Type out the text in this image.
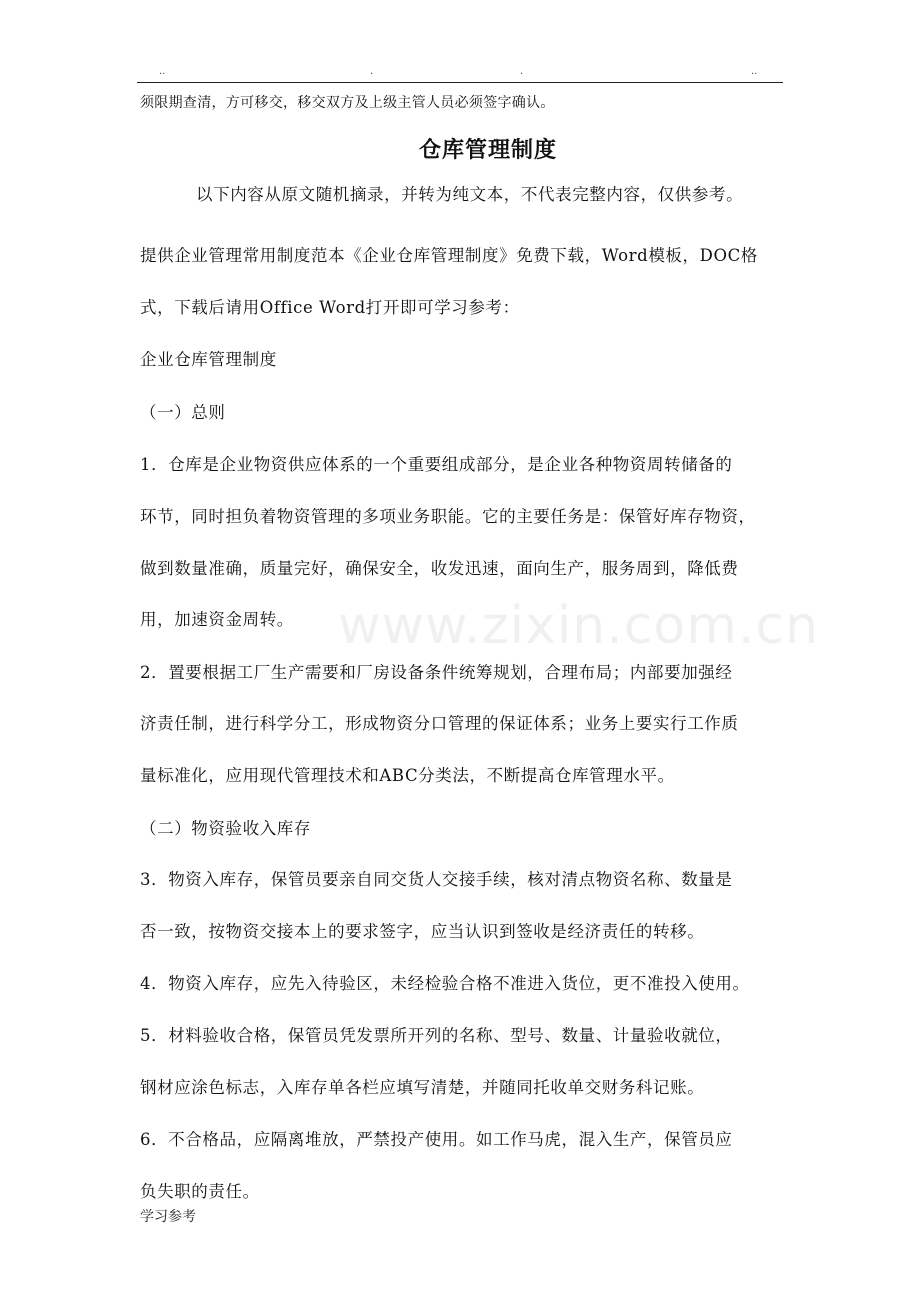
..	.	.	..
须限期查清，方可移交，移交双方及上级主管人员必须签字确认。
仓库管理制度
以下内容从原文随机摘录，并转为纯文本，不代表完整内容，仅供参考。
提供企业管理常用制度范本《企业仓库管理制度》免费下载，Word模板，DOC格
式，下载后请用Office Word打开即可学习参考：
企业仓库管理制度
（一）总则
1．仓库是企业物资供应体系的一个重要组成部分，是企业各种物资周转储备的
环节，同时担负着物资管理的多项业务职能。它的主要任务是：保管好库存物资，
做到数量准确，质量完好，确保安全，收发迅速，面向生产，服务周到，降低费
用，加速资金周转。
2．置要根据工厂生产需要和厂房设备条件统筹规划，合理布局；内部要加强经
济责任制，进行科学分工，形成物资分口管理的保证体系；业务上要实行工作质
量标准化，应用现代管理技术和ABC分类法，不断提高仓库管理水平。
（二）物资验收入库存
3．物资入库存，保管员要亲自同交货人交接手续，核对清点物资名称、数量是
否一致，按物资交接本上的要求签字，应当认识到签收是经济责任的转移。
4．物资入库存，应先入待验区，未经检验合格不准进入货位，更不准投入使用。
5．材料验收合格，保管员凭发票所开列的名称、型号、数量、计量验收就位，
钢材应涂色标志，入库存单各栏应填写清楚，并随同托收单交财务科记账。
6．不合格品，应隔离堆放，严禁投产使用。如工作马虎，混入生产，保管员应
负失职的责任。
www.zixin.com.cn
学习参考
